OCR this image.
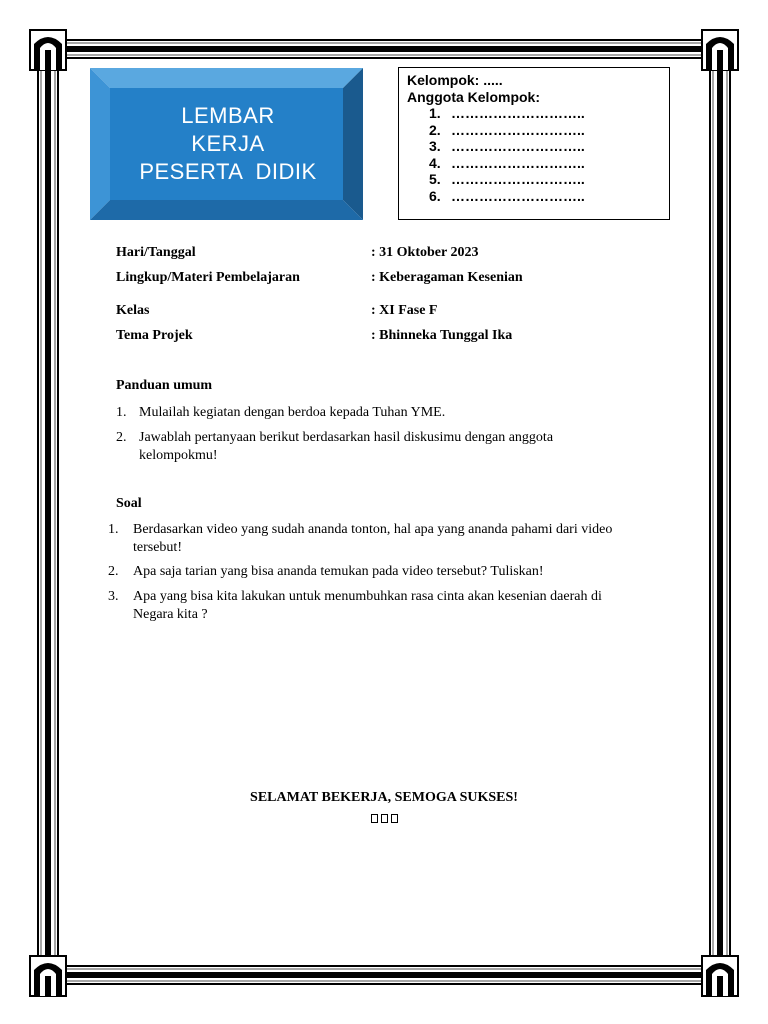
LEMBAR
KERJA
PESERTA  DIDIK
Kelompok: .....
Anggota Kelompok:
1. ………………………..
2. ………………………..
3. ………………………..
4. ………………………..
5. ………………………..
6. ………………………..
Hari/Tanggal	: 31 Oktober 2023
Lingkup/Materi Pembelajaran	: Keberagaman Kesenian
Kelas	: XI Fase F
Tema Projek	: Bhinneka Tunggal Ika
Panduan umum
1. Mulailah kegiatan dengan berdoa kepada Tuhan YME.
2. Jawablah pertanyaan berikut berdasarkan hasil diskusimu dengan anggota
kelompokmu!
Soal
1. Berdasarkan video yang sudah ananda tonton, hal apa yang ananda pahami dari video
tersebut!
2. Apa saja tarian yang bisa ananda temukan pada video tersebut? Tuliskan!
3. Apa yang bisa kita lakukan untuk menumbuhkan rasa cinta akan kesenian daerah di
Negara kita ?
SELAMAT BEKERJA, SEMOGA SUKSES!
